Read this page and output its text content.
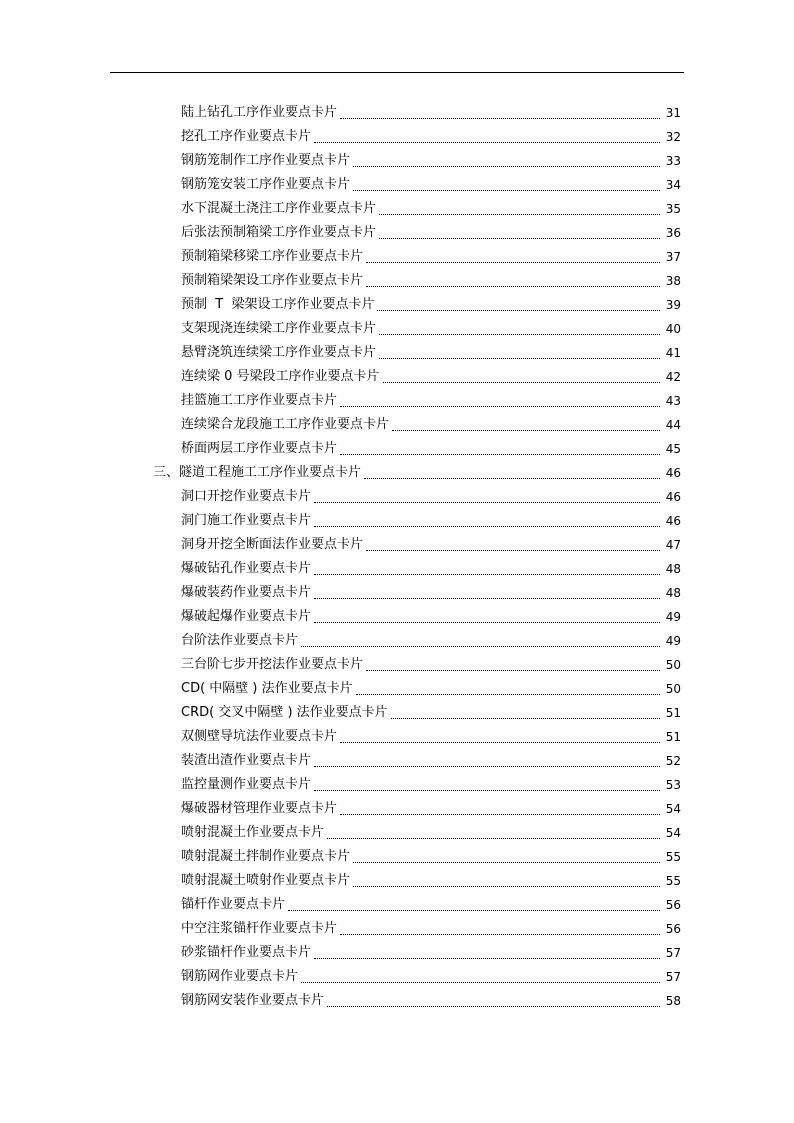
陆上钻孔工序作业要点卡片	31
挖孔工序作业要点卡片	32
钢筋笼制作工序作业要点卡片	33
钢筋笼安装工序作业要点卡片	34
水下混凝土浇注工序作业要点卡片	35
后张法预制箱梁工序作业要点卡片	36
预制箱梁移梁工序作业要点卡片	37
预制箱梁架设工序作业要点卡片	38
预制  T  梁架设工序作业要点卡片	39
支架现浇连续梁工序作业要点卡片	40
悬臂浇筑连续梁工序作业要点卡片	41
连续梁 0 号梁段工序作业要点卡片	42
挂篮施工工序作业要点卡片	43
连续梁合龙段施工工序作业要点卡片	44
桥面两层工序作业要点卡片	45
三、隧道工程施工工序作业要点卡片	46
洞口开挖作业要点卡片	46
洞门施工作业要点卡片	46
洞身开挖全断面法作业要点卡片	47
爆破钻孔作业要点卡片	48
爆破装药作业要点卡片	48
爆破起爆作业要点卡片	49
台阶法作业要点卡片	49
三台阶七步开挖法作业要点卡片	50
CD( 中隔壁 ) 法作业要点卡片	50
CRD( 交叉中隔壁 ) 法作业要点卡片	51
双侧壁导坑法作业要点卡片	51
装渣出渣作业要点卡片	52
监控量测作业要点卡片	53
爆破器材管理作业要点卡片	54
喷射混凝土作业要点卡片	54
喷射混凝土拌制作业要点卡片	55
喷射混凝土喷射作业要点卡片	55
锚杆作业要点卡片	56
中空注浆锚杆作业要点卡片	56
砂浆锚杆作业要点卡片	57
钢筋网作业要点卡片	57
钢筋网安装作业要点卡片	58
